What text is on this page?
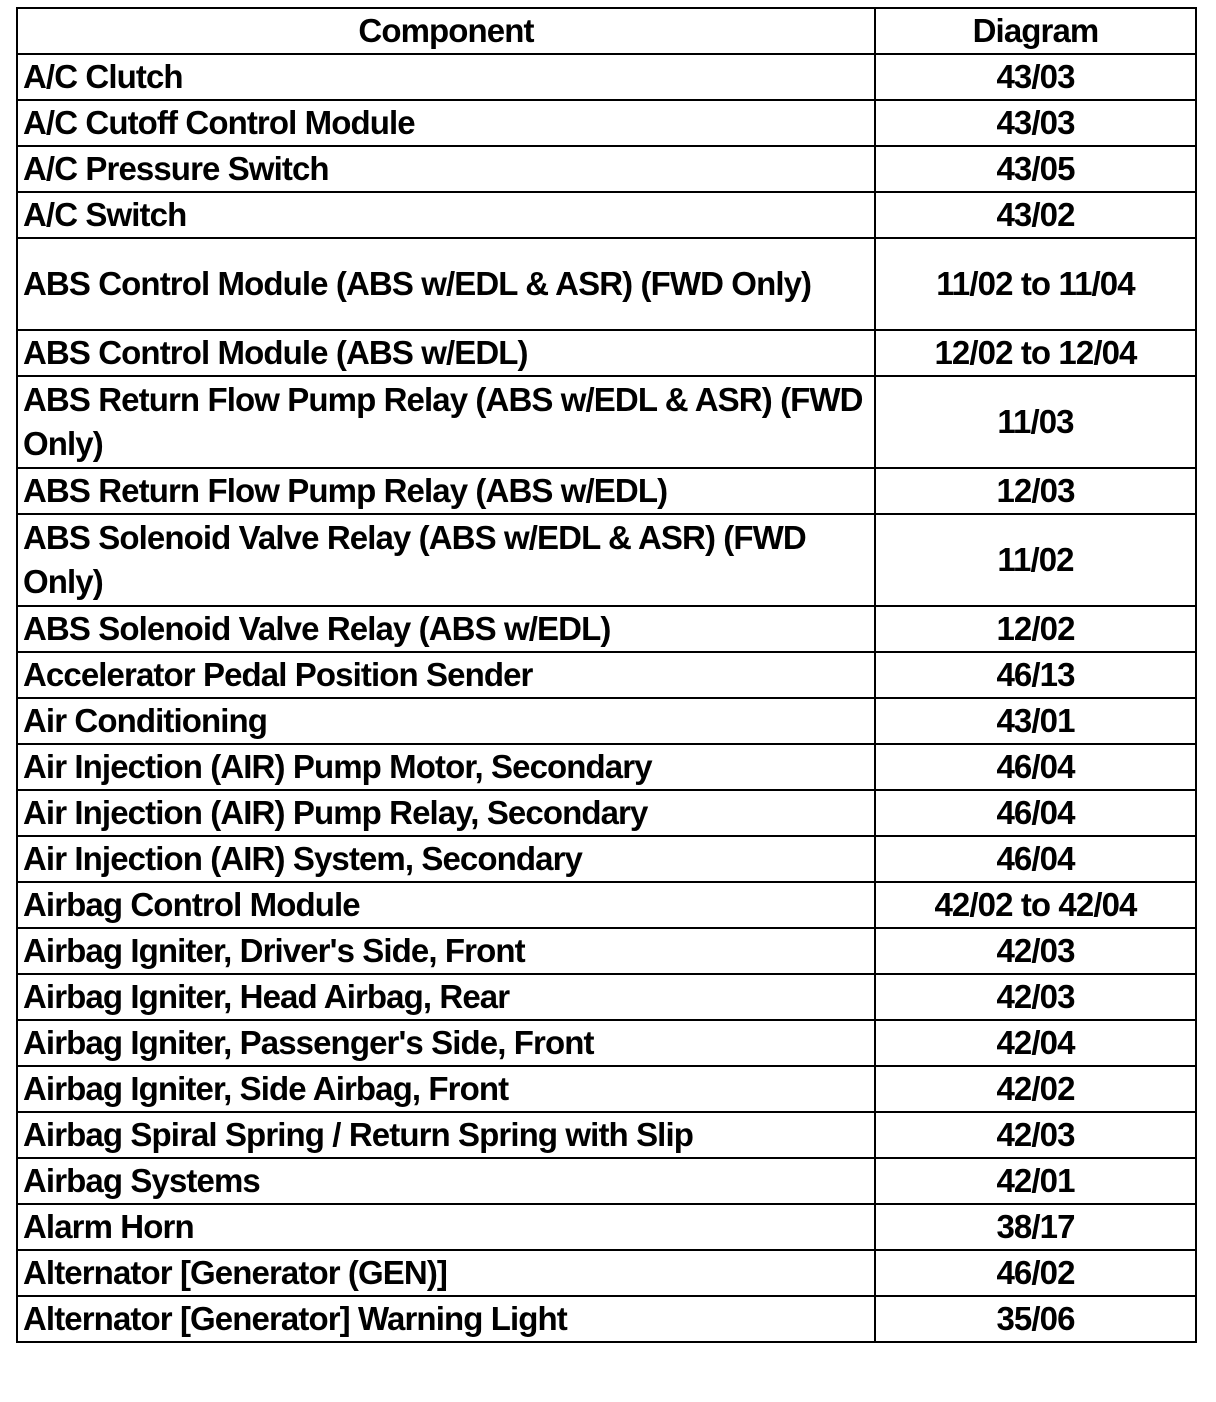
Component	Diagram
A/C Clutch	43/03
A/C Cutoff Control Module	43/03
A/C Pressure Switch	43/05
A/C Switch	43/02
ABS Control Module (ABS w/EDL & ASR) (FWD Only)	11/02 to 11/04
ABS Control Module (ABS w/EDL)	12/02 to 12/04
ABS Return Flow Pump Relay (ABS w/EDL & ASR) (FWD Only)	11/03
ABS Return Flow Pump Relay (ABS w/EDL)	12/03
ABS Solenoid Valve Relay (ABS w/EDL & ASR) (FWD Only)	11/02
ABS Solenoid Valve Relay (ABS w/EDL)	12/02
Accelerator Pedal Position Sender	46/13
Air Conditioning	43/01
Air Injection (AIR) Pump Motor, Secondary	46/04
Air Injection (AIR) Pump Relay, Secondary	46/04
Air Injection (AIR) System, Secondary	46/04
Airbag Control Module	42/02 to 42/04
Airbag Igniter, Driver's Side, Front	42/03
Airbag Igniter, Head Airbag, Rear	42/03
Airbag Igniter, Passenger's Side, Front	42/04
Airbag Igniter, Side Airbag, Front	42/02
Airbag Spiral Spring / Return Spring with Slip	42/03
Airbag Systems	42/01
Alarm Horn	38/17
Alternator [Generator (GEN)]	46/02
Alternator [Generator] Warning Light	35/06
